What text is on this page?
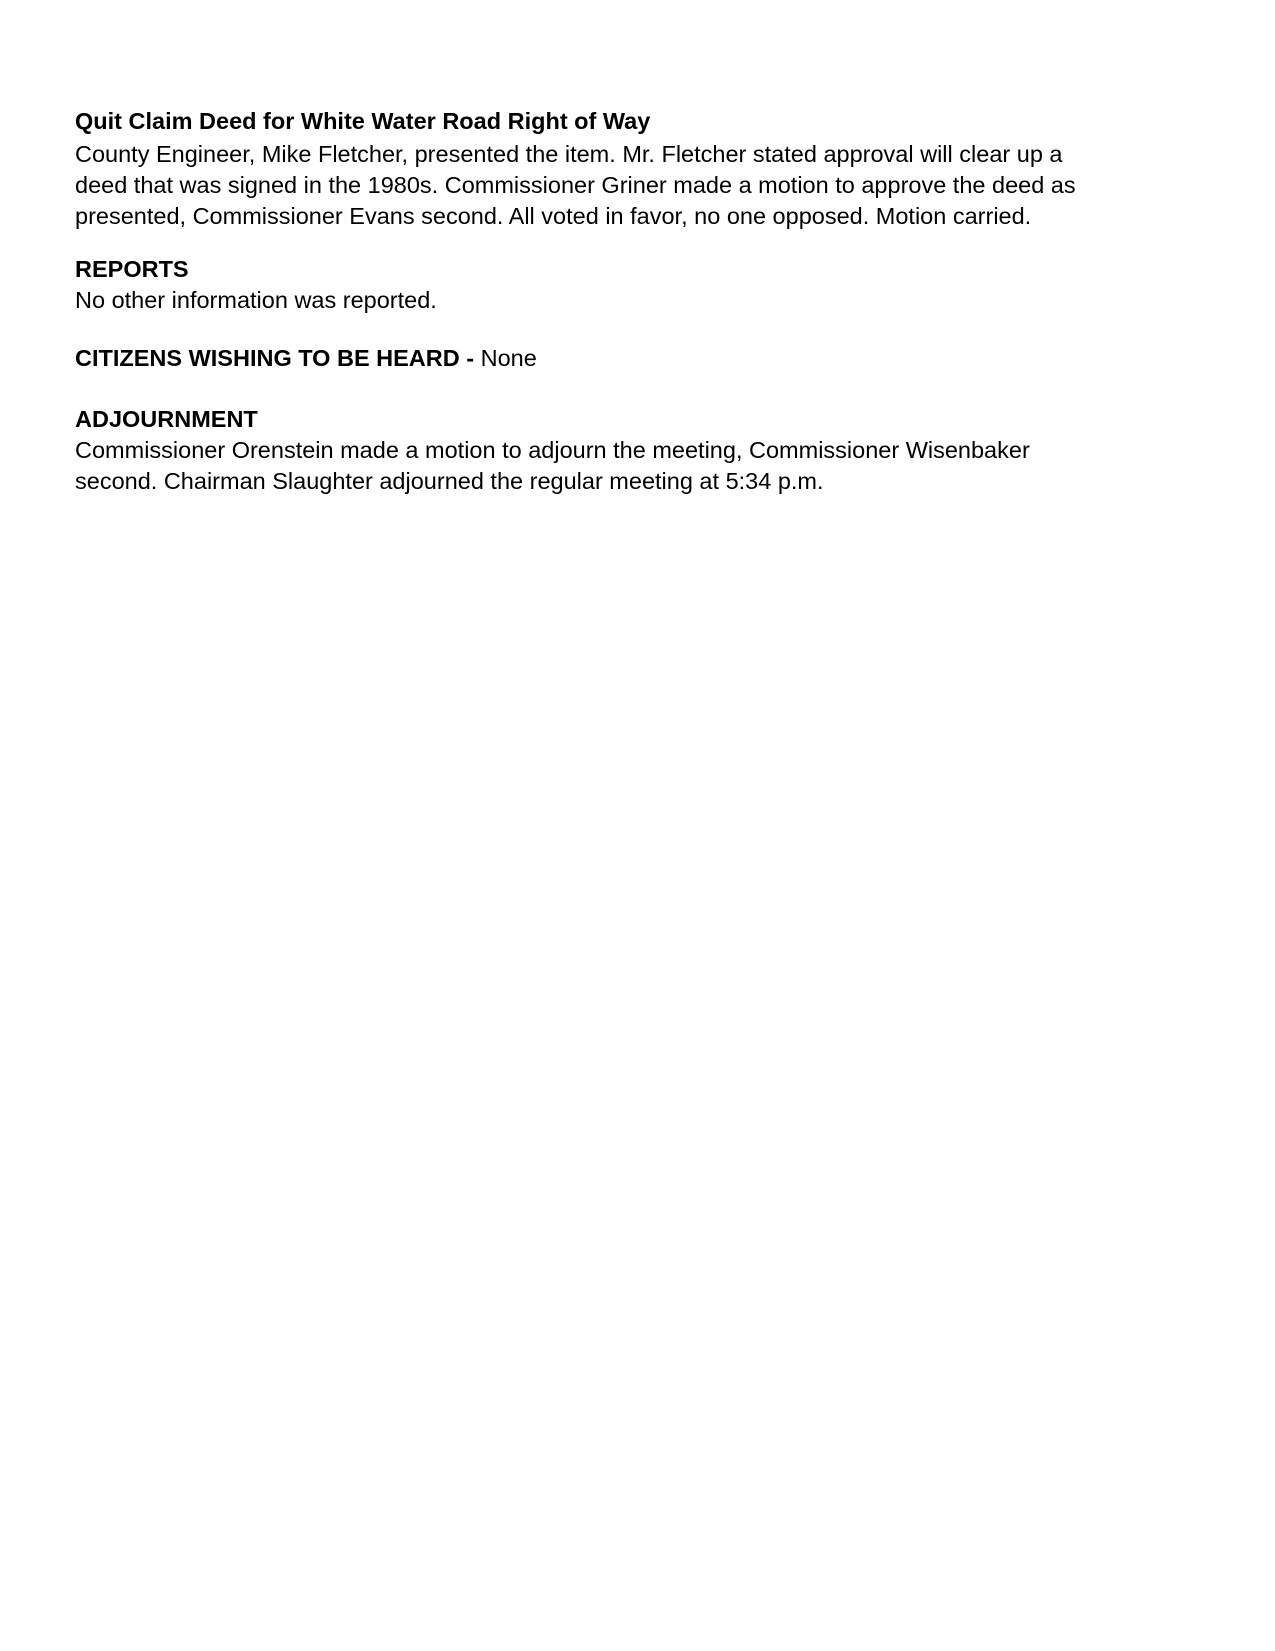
Quit Claim Deed for White Water Road Right of Way
County Engineer, Mike Fletcher, presented the item. Mr. Fletcher stated approval will clear up a
deed that was signed in the 1980s. Commissioner Griner made a motion to approve the deed as
presented, Commissioner Evans second. All voted in favor, no one opposed. Motion carried.
REPORTS
No other information was reported.
CITIZENS WISHING TO BE HEARD - None
ADJOURNMENT
Commissioner Orenstein made a motion to adjourn the meeting, Commissioner Wisenbaker
second. Chairman Slaughter adjourned the regular meeting at 5:34 p.m.
